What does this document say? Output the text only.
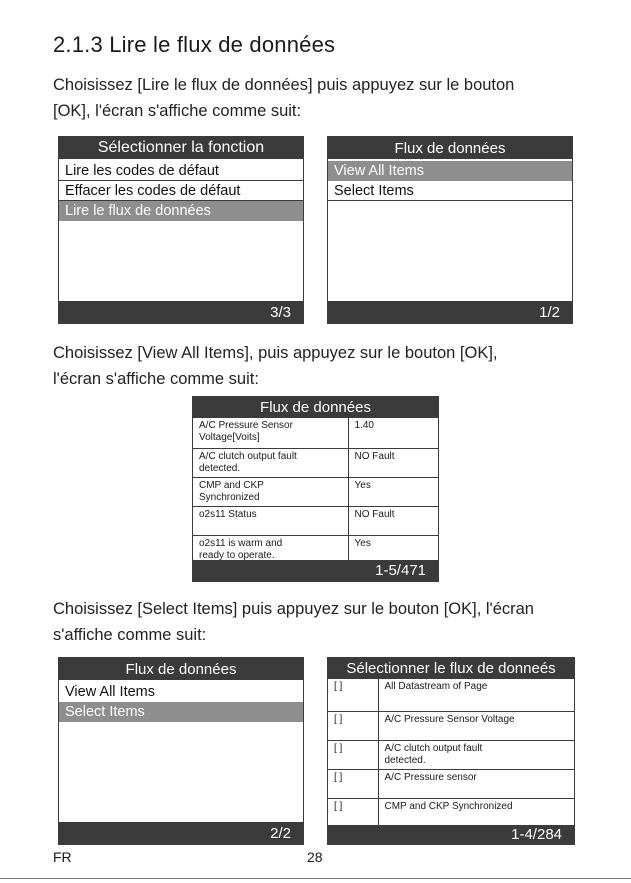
2.1.3 Lire le flux de données
Choisissez [Lire le flux de données] puis appuyez sur le bouton
[OK], l'écran s'affiche comme suit:
Sélectionner la fonction
Lire les codes de défaut
Effacer les codes de défaut
Lire le flux de données
3/3
Flux de données
View All Items
Select Items
1/2
Choisissez [View All Items], puis appuyez sur le bouton [OK],
l'écran s'affiche comme suit:
Flux de données
A/C Pressure Sensor
Voltage[Voits]	1.40

A/C clutch output fault
detected.	NO Fault

CMP and CKP
Synchronized	Yes

o2s11 Status	NO Fault

o2s11 is warm and
ready to operate.	Yes
1-5/471
Choisissez [Select Items] puis appuyez sur le bouton [OK], l'écran
s'affiche comme suit:
Flux de données
View All Items
Select Items
2/2
Sélectionner le flux de donneés
[ ]	All Datastream of Page

[ ]	A/C Pressure Sensor Voltage

[ ]	A/C clutch output fault
detected.

[ ]	A/C Pressure sensor

[ ]	CMP and CKP Synchronized
1-4/284
FR	28
